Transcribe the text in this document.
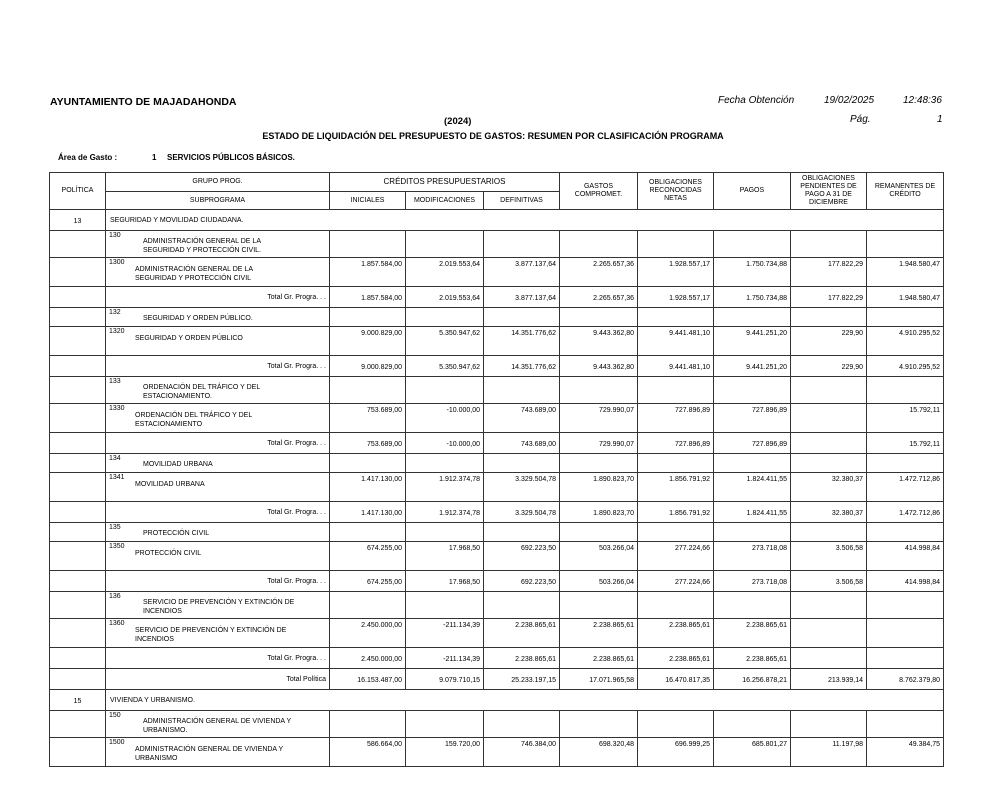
AYUNTAMIENTO DE MAJADAHONDA	Fecha Obtención	19/02/2025	12:48:36
Pág.	1
(2024)
ESTADO DE LIQUIDACIÓN DEL PRESUPUESTO DE GASTOS: RESUMEN POR CLASIFICACIÓN PROGRAMA
Área de Gasto :	1 SERVICIOS PÚBLICOS BÁSICOS.
POLÍTICA	GRUPO PROG.	CRÉDITOS PRESUPUESTARIOS			GASTOS COMPROMET.	OBLIGACIONES RECONOCIDAS NETAS	PAGOS	OBLIGACIONES PENDIENTES DE PAGO A 31 DE DICIEMBRE	REMANENTES DE CRÉDITO
	SUBPROGRAMA	INICIALES	MODIFICACIONES	DEFINITIVAS					
13	SEGURIDAD Y MOVILIDAD CIUDADANA.								
	130ADMINISTRACIÓN GENERAL DE LA SEGURIDAD Y PROTECCIÓN CIVIL.								
	1300ADMINISTRACIÓN GENERAL DE LA SEGURIDAD Y PROTECCIÓN CIVIL	1.857.584,00	2.019.553,64	3.877.137,64	2.265.657,36	1.928.557,17	1.750.734,88	177.822,29	1.948.580,47
	Total Gr. Progra. . .	1.857.584,00	2.019.553,64	3.877.137,64	2.265.657,36	1.928.557,17	1.750.734,88	177.822,29	1.948.580,47
	132SEGURIDAD Y ORDEN PÚBLICO.								
	1320SEGURIDAD Y ORDEN PÚBLICO	9.000.829,00	5.350.947,62	14.351.776,62	9.443.362,80	9.441.481,10	9.441.251,20	229,90	4.910.295,52
	Total Gr. Progra. . .	9.000.829,00	5.350.947,62	14.351.776,62	9.443.362,80	9.441.481,10	9.441.251,20	229,90	4.910.295,52
	133ORDENACIÓN DEL TRÁFICO Y DEL ESTACIONAMIENTO.								
	1330ORDENACIÓN DEL TRÁFICO Y DEL ESTACIONAMIENTO	753.689,00	-10.000,00	743.689,00	729.990,07	727.896,89	727.896,89		15.792,11
	Total Gr. Progra. . .	753.689,00	-10.000,00	743.689,00	729.990,07	727.896,89	727.896,89		15.792,11
	134MOVILIDAD URBANA								
	1341MOVILIDAD URBANA	1.417.130,00	1.912.374,78	3.329.504,78	1.890.823,70	1.856.791,92	1.824.411,55	32.380,37	1.472.712,86
	Total Gr. Progra. . .	1.417.130,00	1.912.374,78	3.329.504,78	1.890.823,70	1.856.791,92	1.824.411,55	32.380,37	1.472.712,86
	135PROTECCIÓN CIVIL								
	1350PROTECCIÓN CIVIL	674.255,00	17.968,50	692.223,50	503.266,04	277.224,66	273.718,08	3.506,58	414.998,84
	Total Gr. Progra. . .	674.255,00	17.968,50	692.223,50	503.266,04	277.224,66	273.718,08	3.506,58	414.998,84
	136SERVICIO DE PREVENCIÓN Y EXTINCIÓN DE INCENDIOS								
	1360SERVICIO DE PREVENCIÓN Y EXTINCIÓN DE INCENDIOS	2.450.000,00	-211.134,39	2.238.865,61	2.238.865,61	2.238.865,61	2.238.865,61		
	Total Gr. Progra. . .	2.450.000,00	-211.134,39	2.238.865,61	2.238.865,61	2.238.865,61	2.238.865,61		
	Total Política	16.153.487,00	9.079.710,15	25.233.197,15	17.071.965,58	16.470.817,35	16.256.878,21	213.939,14	8.762.379,80
15	VIVIENDA Y URBANISMO.								
	150ADMINISTRACIÓN GENERAL DE VIVIENDA Y URBANISMO.								
	1500ADMINISTRACIÓN GENERAL DE VIVIENDA Y URBANISMO	586.664,00	159.720,00	746.384,00	698.320,48	696.999,25	685.801,27	11.197,98	49.384,75
